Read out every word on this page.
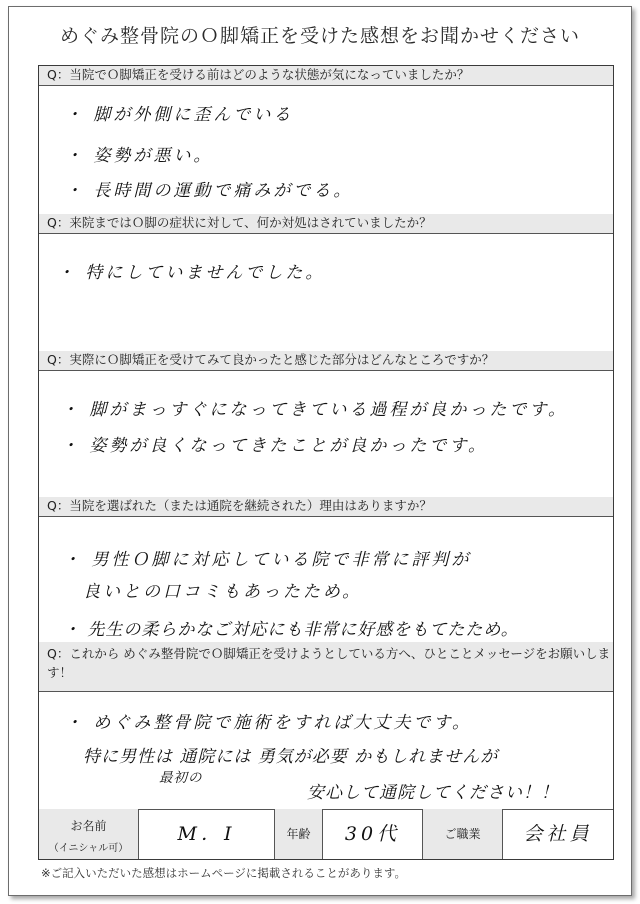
めぐみ整骨院のＯ脚矯正を受けた感想をお聞かせください
Q：当院でＯ脚矯正を受ける前はどのような状態が気になっていましたか？
・ 脚が外側に歪んでいる
・ 姿勢が悪い。
・ 長時間の運動で痛みがでる。
Q：来院まではＯ脚の症状に対して、何か対処はされていましたか？
・ 特にしていませんでした。
Q：実際にＯ脚矯正を受けてみて良かったと感じた部分はどんなところですか？
・ 脚がまっすぐになってきている過程が良かったです。
・ 姿勢が良くなってきたことが良かったです。
Q：当院を選ばれた（または通院を継続された）理由はありますか？
・ 男性Ｏ脚に対応している院で非常に評判が
良いとの口コミもあったため。
・ 先生の柔らかなご対応にも非常に好感をもてたため。
Q：これから めぐみ整骨院でＯ脚矯正を受けようとしている方へ、ひとことメッセージをお願いします！
・ めぐみ整骨院で施術をすれば大丈夫です。
特に男性は 通院には 勇気が必要 かもしれませんが
最初の
安心して通院してください！！
お名前
（イニシャル可）
M．I	年齢	30代	ご職業	会社員
※ご記入いただいた感想はホームページに掲載されることがあります。
